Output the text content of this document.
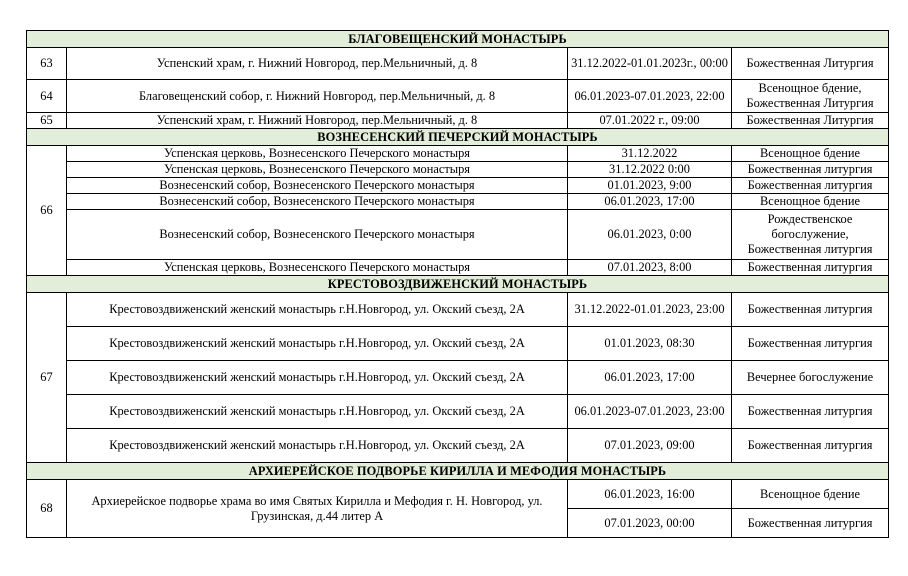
БЛАГОВЕЩЕНСКИЙ МОНАСТЫРЬ			
63	Успенский храм, г. Нижний Новгород, пер.Мельничный, д. 8	31.12.2022-01.01.2023г., 00:00	Божественная Литургия
64	Благовещенский собор, г. Нижний Новгород, пер.Мельничный, д. 8	06.01.2023-07.01.2023, 22:00	Всенощное бдение, Божественная Литургия
65	Успенский храм, г. Нижний Новгород, пер.Мельничный, д. 8	07.01.2022 г., 09:00	Божественная Литургия
ВОЗНЕСЕНСКИЙ ПЕЧЕРСКИЙ МОНАСТЫРЬ			
66	Успенская церковь, Вознесенского Печерского монастыря	31.12.2022	Всенощное бдение
	Успенская церковь, Вознесенского Печерского монастыря	31.12.2022 0:00	Божественная литургия
	Вознесенский собор, Вознесенского Печерского монастыря	01.01.2023, 9:00	Божественная литургия
	Вознесенский собор, Вознесенского Печерского монастыря	06.01.2023, 17:00	Всенощное бдение
	Вознесенский собор, Вознесенского Печерского монастыря	06.01.2023, 0:00	Рождественское богослужение, Божественная литургия
	Успенская церковь, Вознесенского Печерского монастыря	07.01.2023, 8:00	Божественная литургия
КРЕСТОВОЗДВИЖЕНСКИЙ МОНАСТЫРЬ			
67	Крестовоздвиженский женский монастырь г.Н.Новгород, ул. Окский съезд, 2А	31.12.2022-01.01.2023, 23:00	Божественная литургия
	Крестовоздвиженский женский монастырь г.Н.Новгород, ул. Окский съезд, 2А	01.01.2023, 08:30	Божественная литургия
	Крестовоздвиженский женский монастырь г.Н.Новгород, ул. Окский съезд, 2А	06.01.2023, 17:00	Вечернее богослужение
	Крестовоздвиженский женский монастырь г.Н.Новгород, ул. Окский съезд, 2А	06.01.2023-07.01.2023, 23:00	Божественная литургия
	Крестовоздвиженский женский монастырь г.Н.Новгород, ул. Окский съезд, 2А	07.01.2023, 09:00	Божественная литургия
АРХИЕРЕЙСКОЕ ПОДВОРЬЕ КИРИЛЛА И МЕФОДИЯ МОНАСТЫРЬ			
68	Архиерейское подворье храма во имя Святых Кирилла и Мефодия г. Н. Новгород, ул. Грузинская, д.44 литер А	06.01.2023, 16:00	Всенощное бдение
		07.01.2023, 00:00	Божественная литургия
